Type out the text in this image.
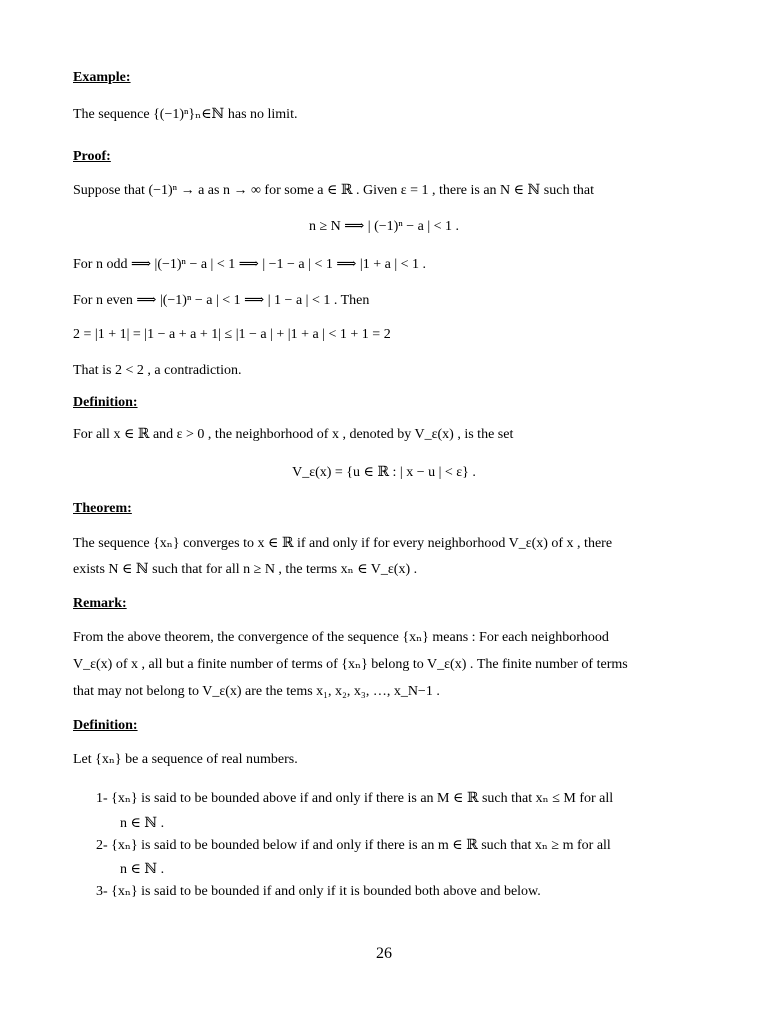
Example:
The sequence {(−1)ⁿ}ₙ∈ℕ has no limit.
Proof:
Suppose that (−1)ⁿ → a as n → ∞ for some a ∈ ℝ . Given ε = 1 , there is an N ∈ ℕ such that
n ≥ N ⟹ | (−1)ⁿ − a | < 1 .
For n odd ⟹ |(−1)ⁿ − a | < 1 ⟹ | −1 − a | < 1 ⟹ |1 + a | < 1 .
For n even ⟹ |(−1)ⁿ − a | < 1 ⟹ | 1 − a | < 1 . Then
2 = |1 + 1| = |1 − a + a + 1| ≤ |1 − a | + |1 + a | < 1 + 1 = 2
That is 2 < 2 , a contradiction.
Definition:
For all x ∈ ℝ and ε > 0 , the neighborhood of x , denoted by V_ε(x) , is the set
V_ε(x) = {u ∈ ℝ : | x − u | < ε} .
Theorem:
The sequence {xₙ} converges to x ∈ ℝ if and only if for every neighborhood V_ε(x) of x , there
exists N ∈ ℕ such that for all n ≥ N , the terms xₙ ∈ V_ε(x) .
Remark:
From the above theorem, the convergence of the sequence {xₙ} means : For each neighborhood
V_ε(x) of x , all but a finite number of terms of {xₙ} belong to V_ε(x) . The finite number of terms
that may not belong to V_ε(x) are the tems x₁, x₂, x₃, …, x_N−1 .
Definition:
Let {xₙ} be a sequence of real numbers.
1- {xₙ} is said to be bounded above if and only if there is an M ∈ ℝ such that xₙ ≤ M for all
n ∈ ℕ .
2- {xₙ} is said to be bounded below if and only if there is an m ∈ ℝ such that xₙ ≥ m for all
n ∈ ℕ .
3- {xₙ} is said to be bounded if and only if it is bounded both above and below.
26
